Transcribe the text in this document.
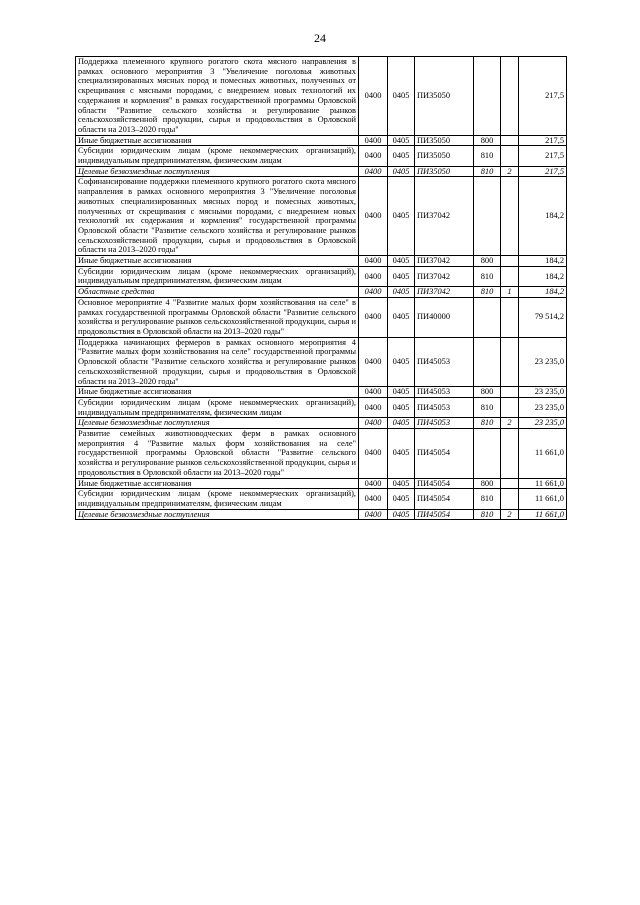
24
Поддержка племенного крупного рогатого скота мясного направления в рамках основного мероприятия 3 "Увеличение поголовья животных специализированных мясных пород и помесных животных, полученных от скрещивания с мясными породами, с внедрением новых технологий их содержания и кормления" в рамках государственной программы Орловской области "Развитие сельского хозяйства и регулирование рынков сельскохозяйственной продукции, сырья и продовольствия в Орловской области на 2013–2020 годы"	0400	0405	ПИ35050			217,5
Иные бюджетные ассигнования	0400	0405	ПИ35050	800		217,5
Субсидии юридическим лицам (кроме некоммерческих организаций), индивидуальным предпринимателям, физическим лицам	0400	0405	ПИ35050	810		217,5
Целевые безвозмездные поступления	0400	0405	ПИ35050	810	2	217,5
Софинансирование поддержки племенного крупного рогатого скота мясного направления в рамках основного мероприятия 3 "Увеличение поголовья животных специализированных мясных пород и помесных животных, полученных от скрещивания с мясными породами, с внедрением новых технологий их содержания и кормления" государственной программы Орловской области "Развитие сельского хозяйства и регулирование рынков сельскохозяйственной продукции, сырья и продовольствия в Орловской области на 2013–2020 годы"	0400	0405	ПИ37042			184,2
Иные бюджетные ассигнования	0400	0405	ПИ37042	800		184,2
Субсидии юридическим лицам (кроме некоммерческих организаций), индивидуальным предпринимателям, физическим лицам	0400	0405	ПИ37042	810		184,2
Областные средства	0400	0405	ПИ37042	810	1	184,2
Основное мероприятие 4 "Развитие малых форм хозяйствования на селе" в рамках государственной программы Орловской области "Развитие сельского хозяйства и регулирование рынков сельскохозяйственной продукции, сырья и продовольствия в Орловской области на 2013–2020 годы"	0400	0405	ПИ40000			79 514,2
Поддержка начинающих фермеров в рамках основного мероприятия 4 "Развитие малых форм хозяйствования на селе" государственной программы Орловской области "Развитие сельского хозяйства и регулирование рынков сельскохозяйственной продукции, сырья и продовольствия в Орловской области на 2013–2020 годы"	0400	0405	ПИ45053			23 235,0
Иные бюджетные ассигнования	0400	0405	ПИ45053	800		23 235,0
Субсидии юридическим лицам (кроме некоммерческих организаций), индивидуальным предпринимателям, физическим лицам	0400	0405	ПИ45053	810		23 235,0
Целевые безвозмездные поступления	0400	0405	ПИ45053	810	2	23 235,0
Развитие семейных животноводческих ферм в рамках основного мероприятия 4 "Развитие малых форм хозяйствования на селе" государственной программы Орловской области "Развитие сельского хозяйства и регулирование рынков сельскохозяйственной продукции, сырья и продовольствия в Орловской области на 2013–2020 годы"	0400	0405	ПИ45054			11 661,0
Иные бюджетные ассигнования	0400	0405	ПИ45054	800		11 661,0
Субсидии юридическим лицам (кроме некоммерческих организаций), индивидуальным предпринимателям, физическим лицам	0400	0405	ПИ45054	810		11 661,0
Целевые безвозмездные поступления	0400	0405	ПИ45054	810	2	11 661,0
